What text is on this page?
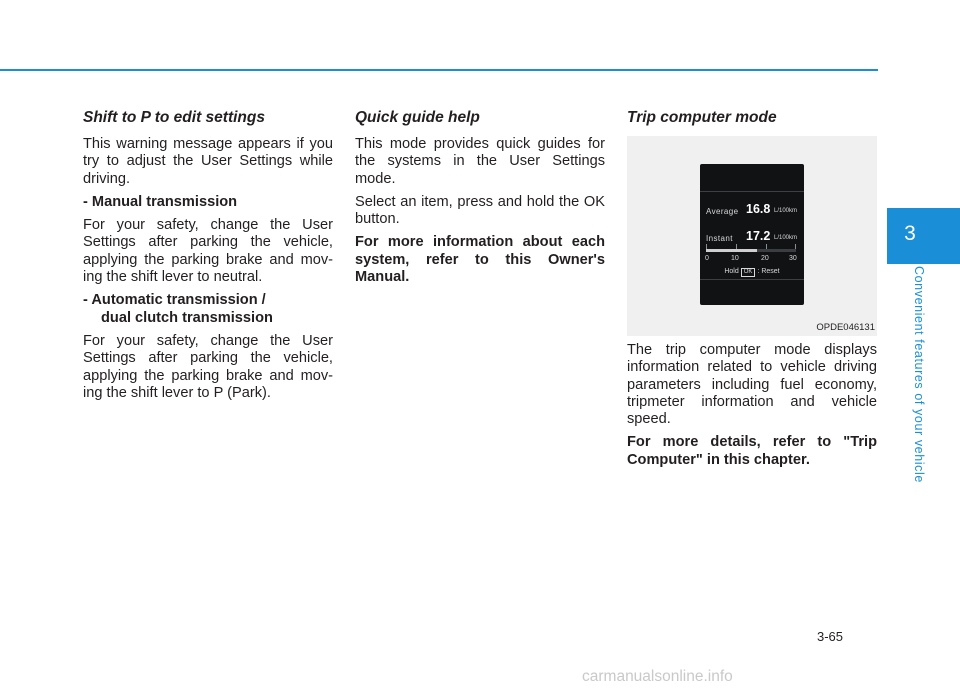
Shift to P to edit settings

This warning message appears if you try to adjust the User Settings while driving.

- Manual transmission

For your safety, change the User Settings after parking the vehicle, applying the parking brake and mov-ing the shift lever to neutral.

- Automatic transmission /
dual clutch transmission

For your safety, change the User Settings after parking the vehicle, applying the parking brake and mov-ing the shift lever to P (Park).

Quick guide help

This mode provides quick guides for the systems in the User Settings mode.

Select an item, press and hold the OK button.

For more information about each system, refer to this Owner's Manual.

Trip computer mode
Average 16.8 L/100km
Instant 17.2 L/100km
0	10	20	30
Hold OK : Reset
OPDE046131

The trip computer mode displays information related to vehicle driving parameters including fuel economy, tripmeter information and vehicle speed.

For more details, refer to "Trip Computer" in this chapter.

3
Convenient features of your vehicle
3-65
carmanualsonline.info
